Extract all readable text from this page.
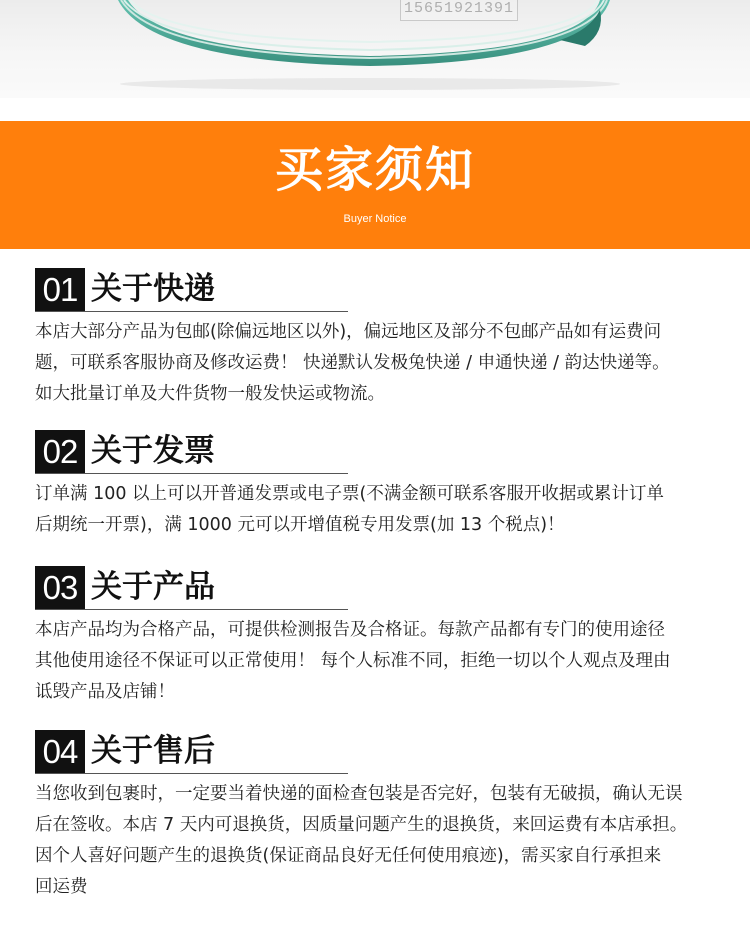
15651921391
买家须知
Buyer Notice
01 关于快递
本店大部分产品为包邮(除偏远地区以外)，偏远地区及部分不包邮产品如有运费问
题，可联系客服协商及修改运费！ 快递默认发极兔快递 / 申通快递 / 韵达快递等。
如大批量订单及大件货物一般发快运或物流。
02 关于发票
订单满 100 以上可以开普通发票或电子票(不满金额可联系客服开收据或累计订单
后期统一开票)，满 1000 元可以开增值税专用发票(加 13 个税点)！
03 关于产品
本店产品均为合格产品，可提供检测报告及合格证。每款产品都有专门的使用途径
其他使用途径不保证可以正常使用！ 每个人标准不同，拒绝一切以个人观点及理由
诋毁产品及店铺！
04 关于售后
当您收到包裹时，一定要当着快递的面检查包装是否完好，包装有无破损，确认无误
后在签收。本店 7 天内可退换货，因质量问题产生的退换货，来回运费有本店承担。
因个人喜好问题产生的退换货(保证商品良好无任何使用痕迹)，需买家自行承担来
回运费
